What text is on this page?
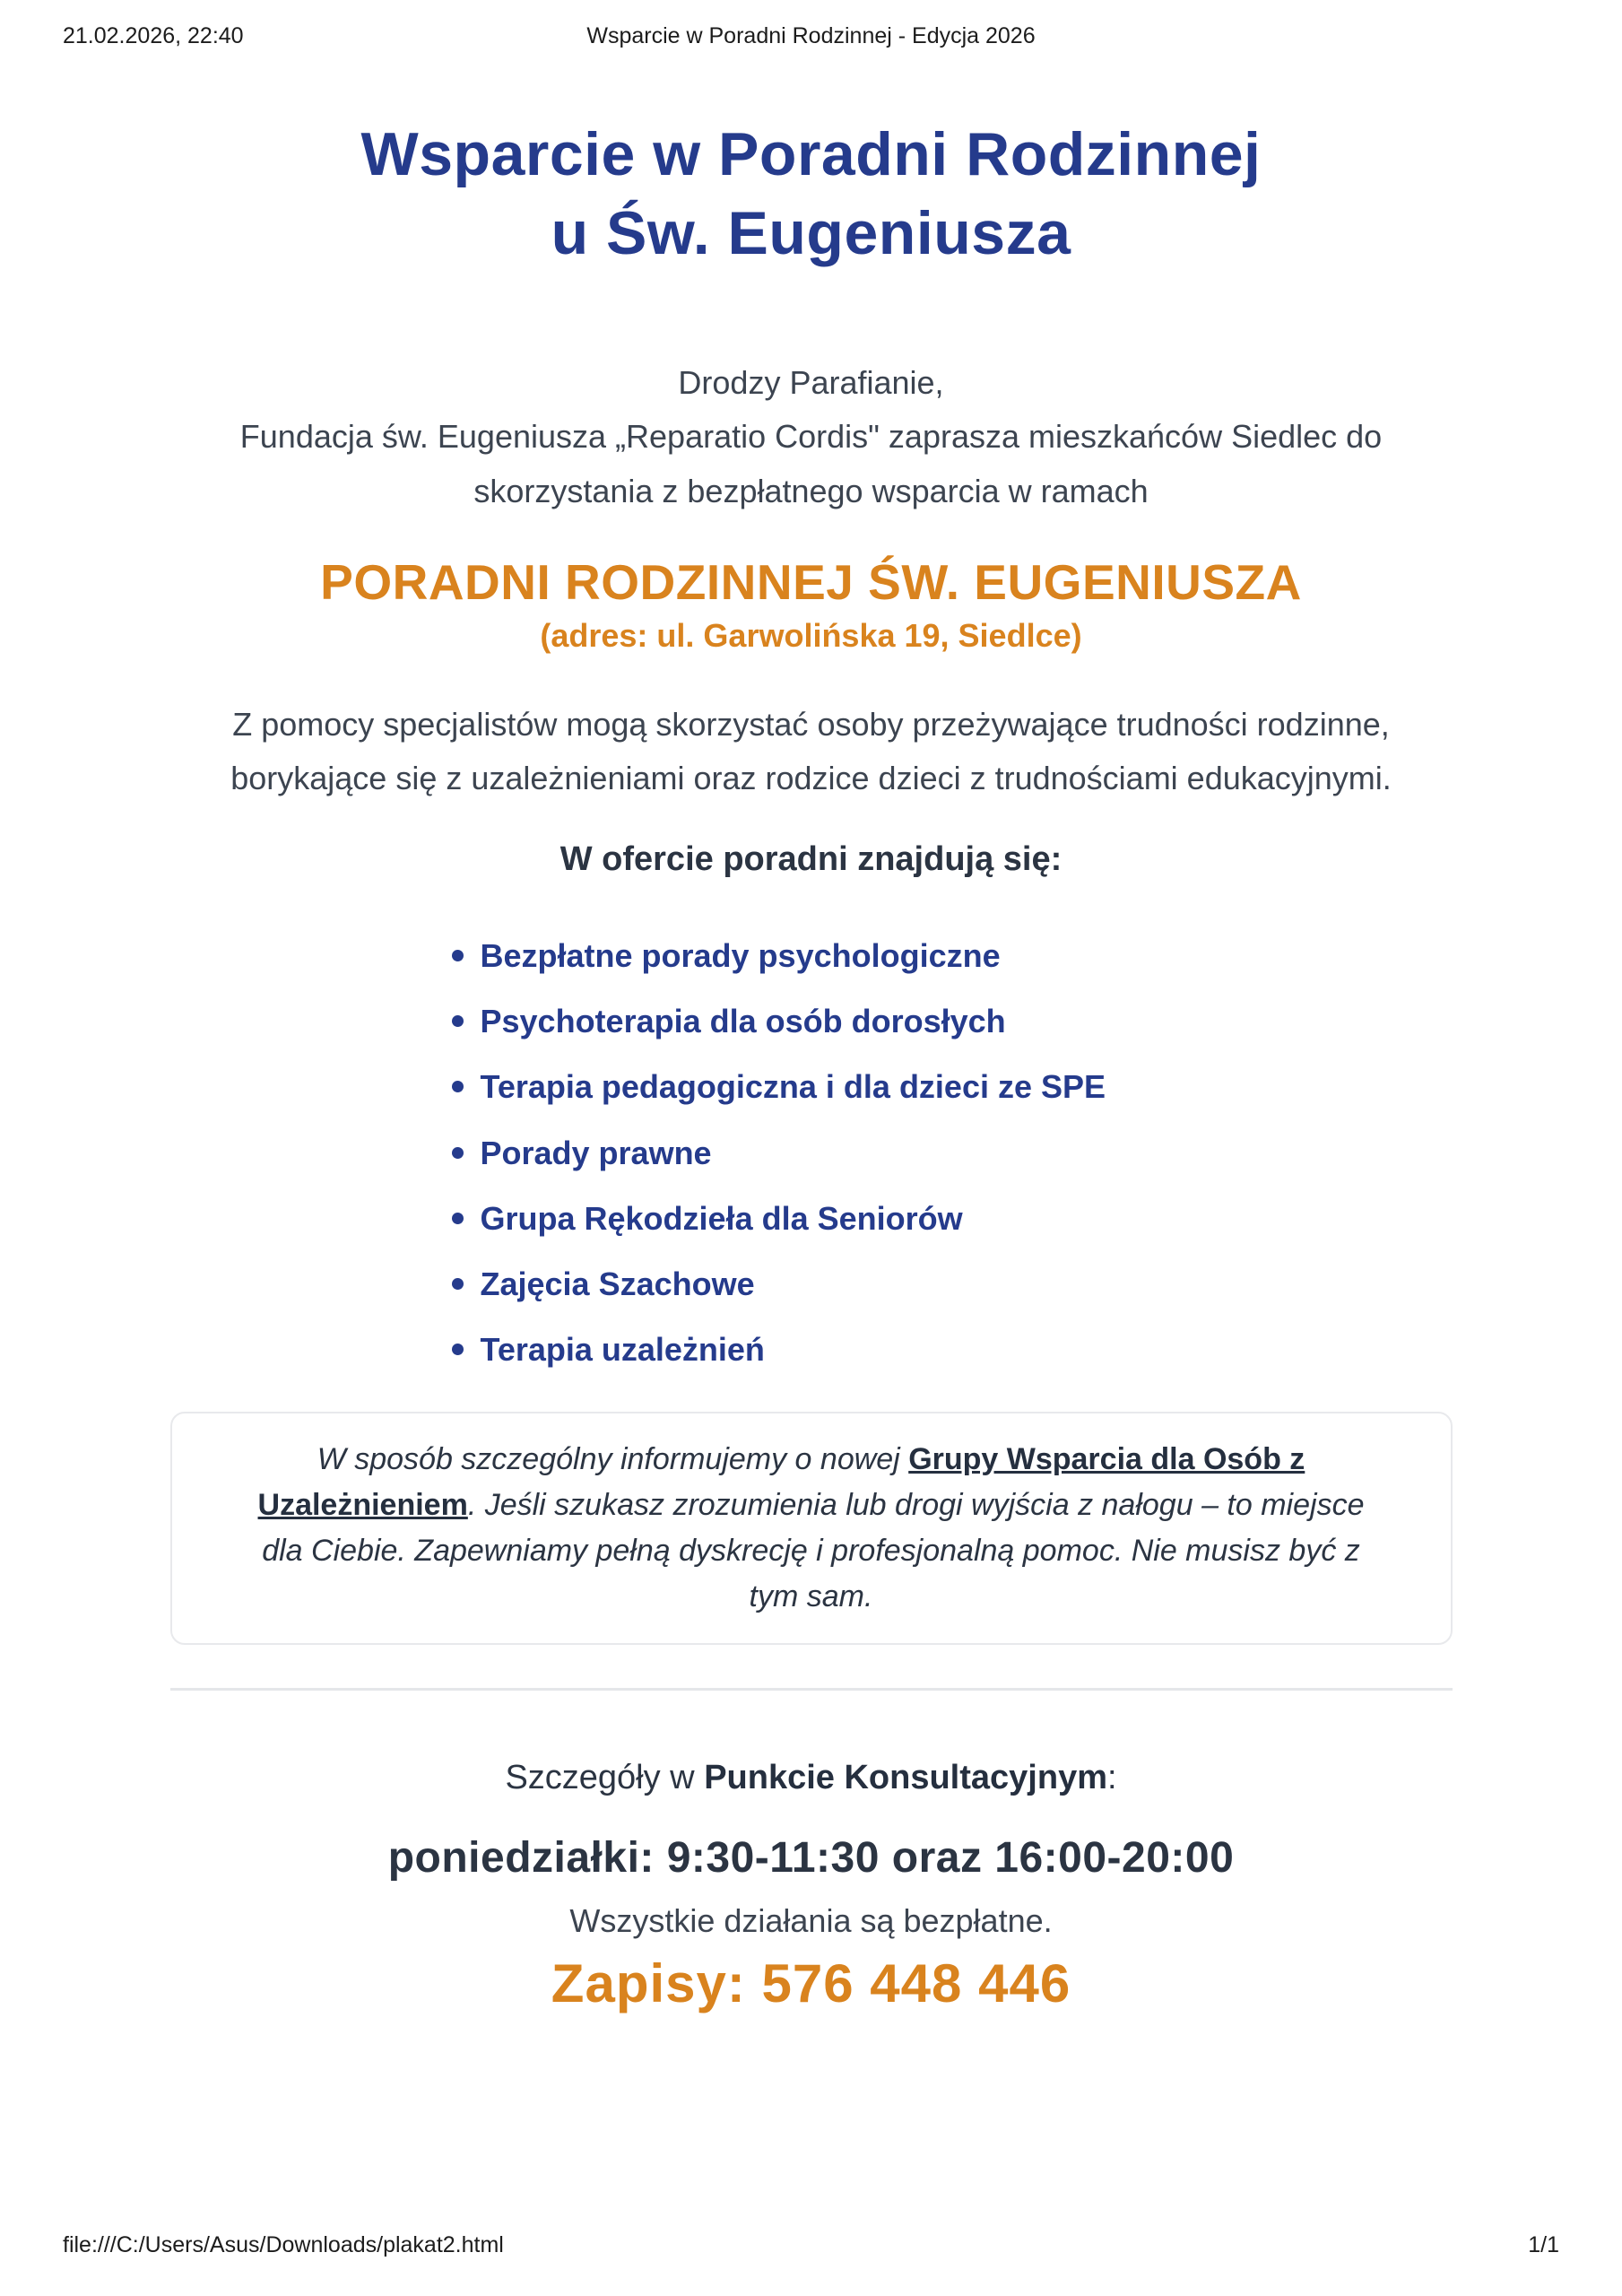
21.02.2026, 22:40	Wsparcie w Poradni Rodzinnej - Edycja 2026
Wsparcie w Poradni Rodzinnej
u Św. Eugeniusza

Drodzy Parafianie,
Fundacja św. Eugeniusza „Reparatio Cordis" zaprasza mieszkańców Siedlec do
skorzystania z bezpłatnego wsparcia w ramach

PORADNI RODZINNEJ ŚW. EUGENIUSZA
(adres: ul. Garwolińska 19, Siedlce)

Z pomocy specjalistów mogą skorzystać osoby przeżywające trudności rodzinne, borykające się z uzależnieniami oraz rodzice dzieci z trudnościami edukacyjnymi.

W ofercie poradni znajdują się:
Bezpłatne porady psychologiczne
Psychoterapia dla osób dorosłych
Terapia pedagogiczna i dla dzieci ze SPE
Porady prawne
Grupa Rękodzieła dla Seniorów
Zajęcia Szachowe
Terapia uzależnień
W sposób szczególny informujemy o nowej Grupy Wsparcia dla Osób z Uzależnieniem. Jeśli szukasz zrozumienia lub drogi wyjścia z nałogu – to miejsce dla Ciebie. Zapewniamy pełną dyskrecję i profesjonalną pomoc. Nie musisz być z tym sam.

Szczegóły w Punkcie Konsultacyjnym:

poniedziałki: 9:30-11:30 oraz 16:00-20:00

Wszystkie działania są bezpłatne.

Zapisy: 576 448 446

file:///C:/Users/Asus/Downloads/plakat2.html	1/1
